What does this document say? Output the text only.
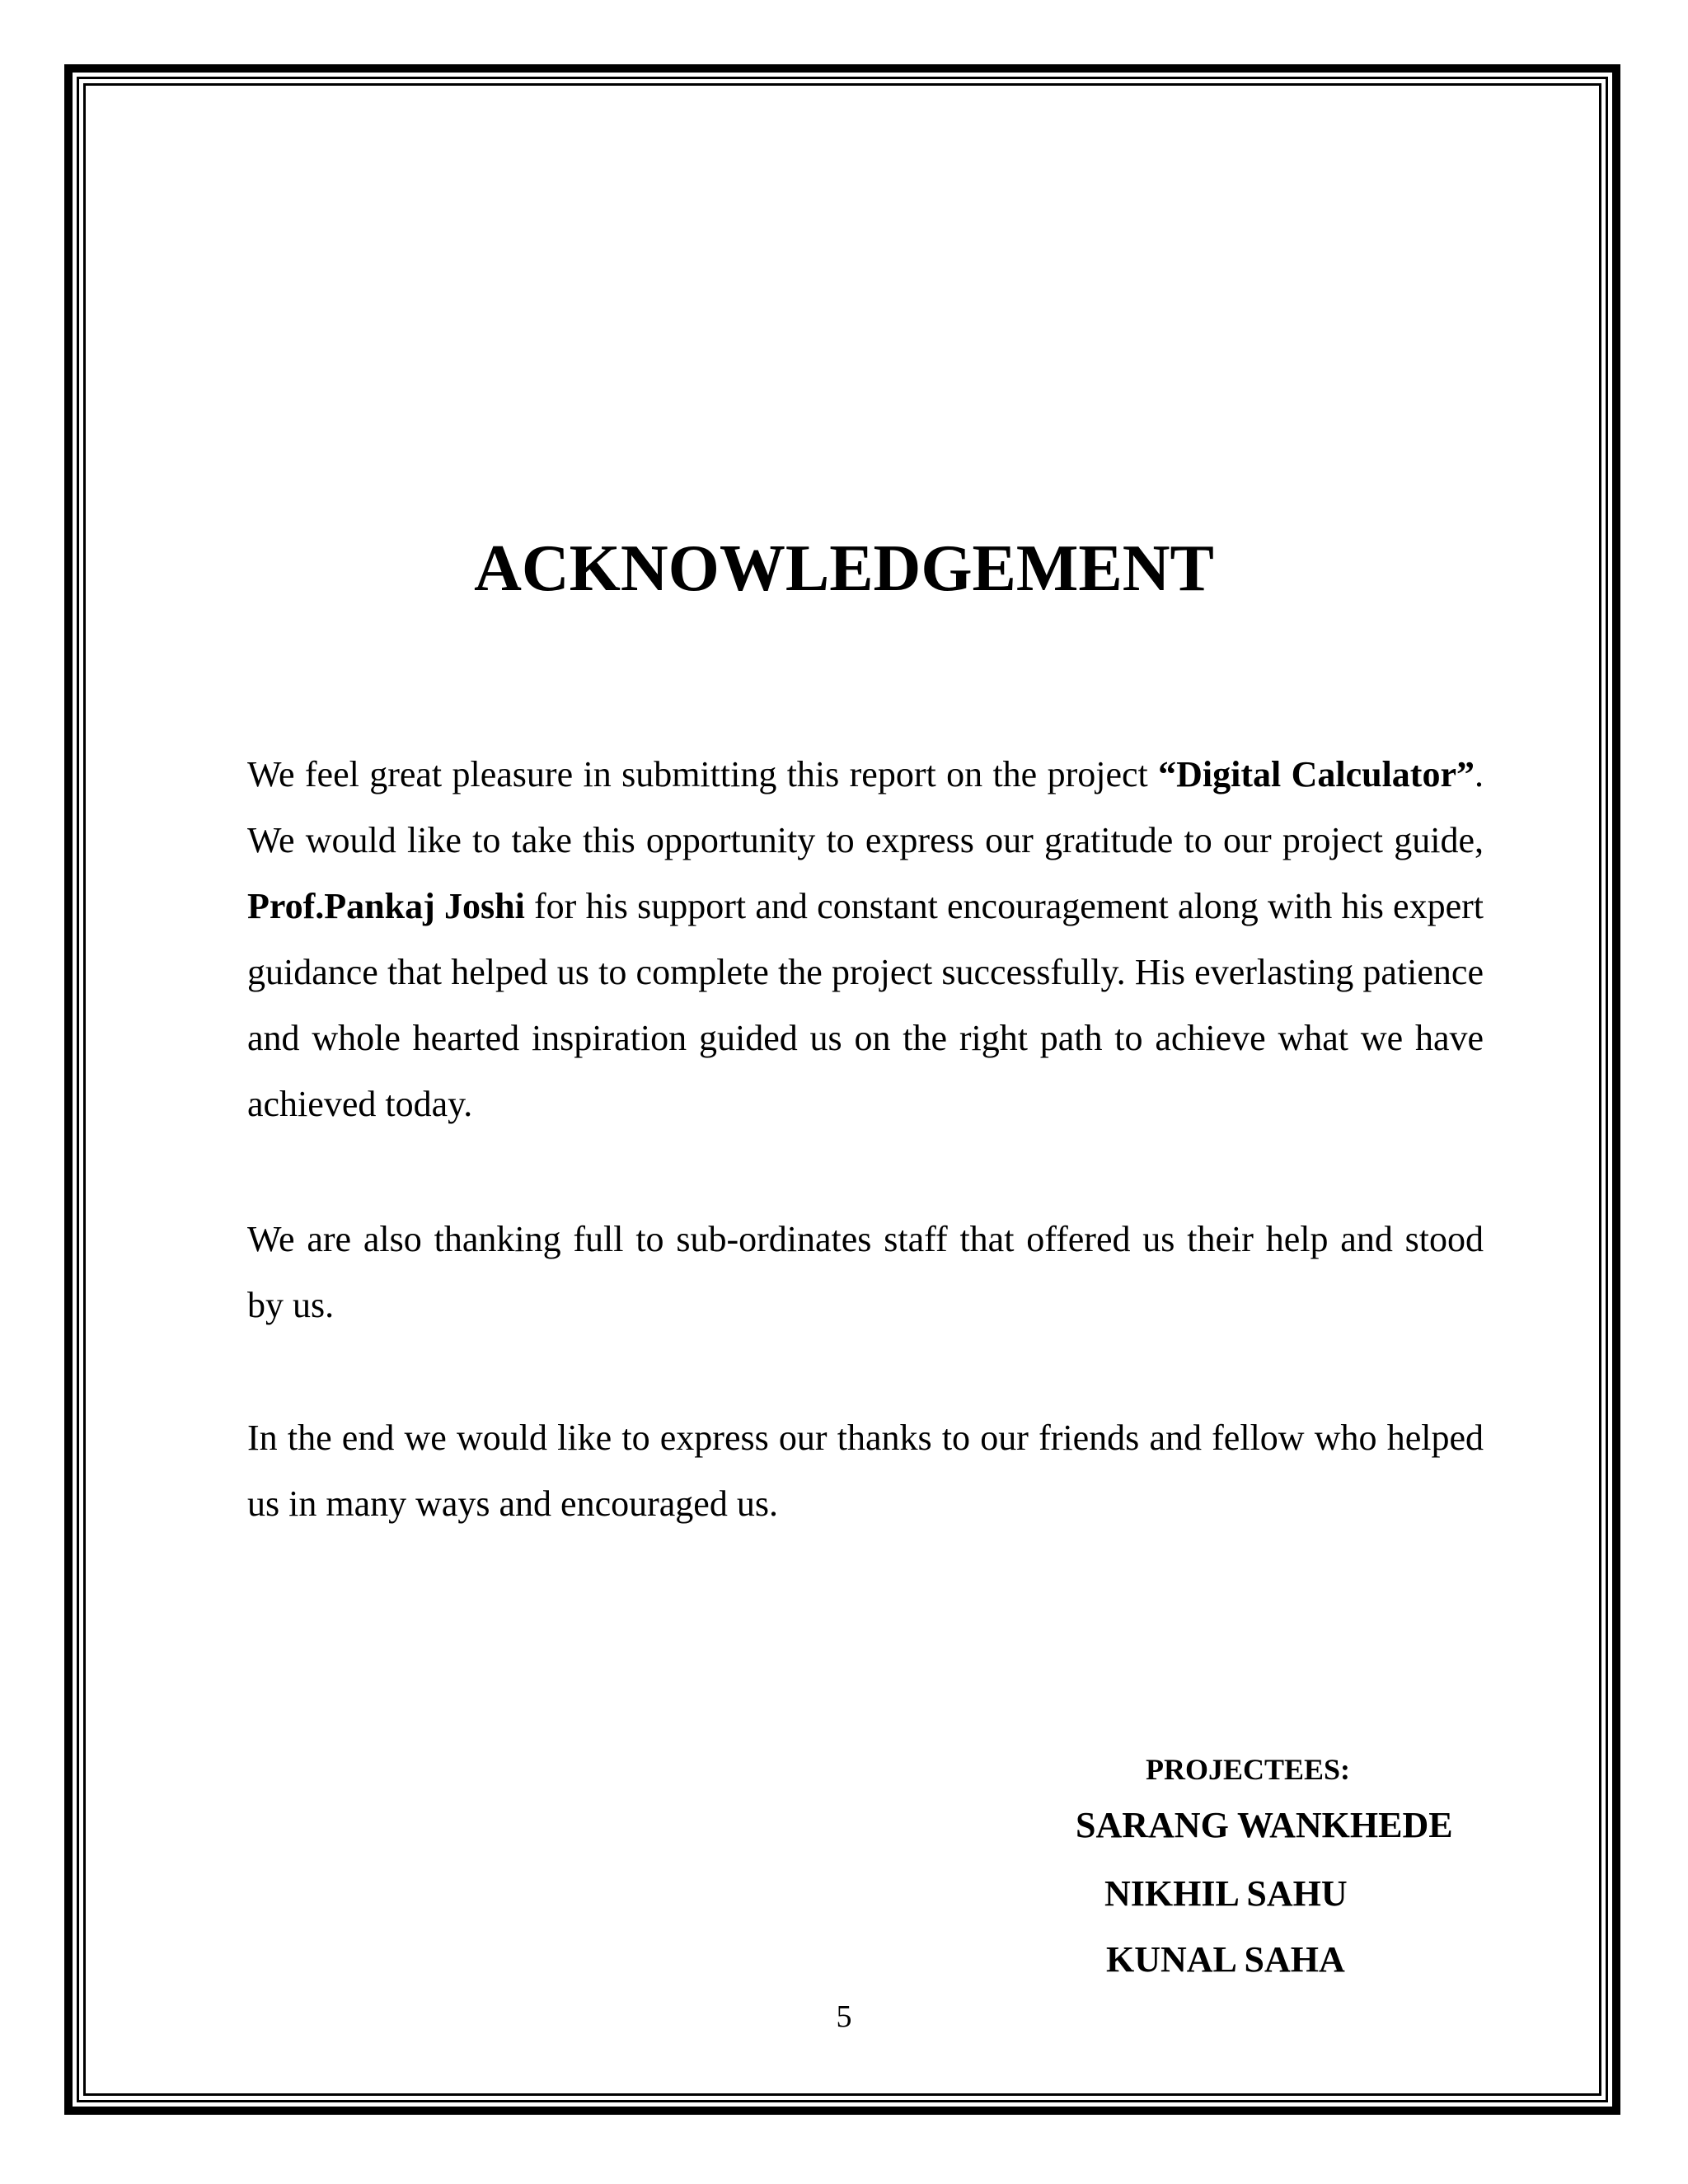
ACKNOWLEDGEMENT

We feel great pleasure in submitting this report on the project “Digital Calculator”. We would like to take this opportunity to express our gratitude to our project guide, Prof.Pankaj Joshi for his support and constant encouragement along with his expert guidance that helped us to complete the project successfully. His everlasting patience and whole hearted inspiration guided us on the right path to achieve what we have achieved today.

We are also thanking full to sub-ordinates staff that offered us their help and stood by us.

In the end we would like to express our thanks to our friends and fellow who helped us in many ways and encouraged us.

PROJECTEES:
SARANG WANKHEDE
NIKHIL SAHU
KUNAL SAHA
5
